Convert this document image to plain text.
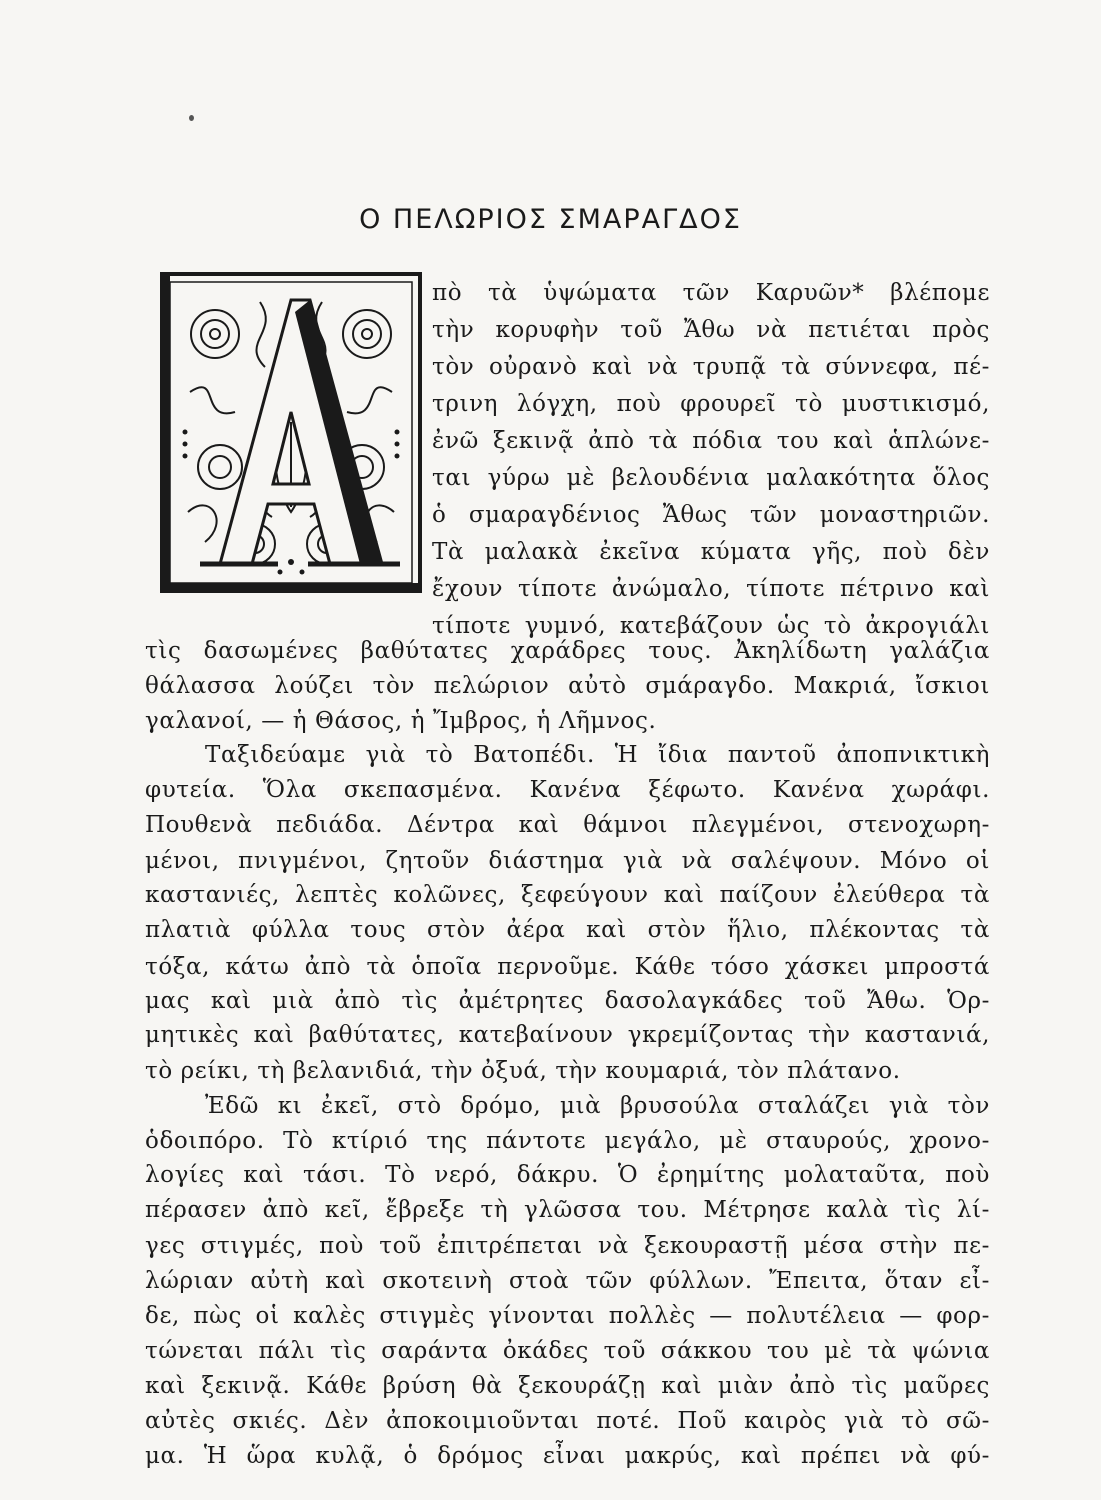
Ο ΠΕΛΩΡΙΟΣ ΣΜΑΡΑΓΔΟΣ
πὸ τὰ ὑψώματα τῶν Καρυῶν* βλέπομε
τὴν κορυφὴν τοῦ Ἄθω νὰ πετιέται πρὸς
τὸν οὐρανὸ καὶ νὰ τρυπᾷ τὰ σύννεφα, πέ-
τρινη λόγχη, ποὺ φρουρεῖ τὸ μυστικισμό,
ἐνῶ ξεκινᾷ ἀπὸ τὰ πόδια του καὶ ἁπλώνε-
ται γύρω μὲ βελουδένια μαλακότητα ὅλος
ὁ σμαραγδένιος Ἄθως τῶν μοναστηριῶν.
Τὰ μαλακὰ ἐκεῖνα κύματα γῆς, ποὺ δὲν
ἔχουν τίποτε ἀνώμαλο, τίποτε πέτρινο καὶ
τίποτε γυμνό, κατεβάζουν ὡς τὸ ἀκρογιάλι
τὶς δασωμένες βαθύτατες χαράδρες τους. Ἀκηλίδωτη γαλάζια
θάλασσα λούζει τὸν πελώριον αὐτὸ σμάραγδο. Μακριά, ἴσκιοι
γαλανοί, — ἡ Θάσος, ἡ Ἴμβρος, ἡ Λῆμνος.
Ταξιδεύαμε γιὰ τὸ Βατοπέδι. Ἡ ἴδια παντοῦ ἀποπνικτικὴ
φυτεία. Ὅλα σκεπασμένα. Κανένα ξέφωτο. Κανένα χωράφι.
Πουθενὰ πεδιάδα. Δέντρα καὶ θάμνοι πλεγμένοι, στενοχωρη-
μένοι, πνιγμένοι, ζητοῦν διάστημα γιὰ νὰ σαλέψουν. Μόνο οἱ
καστανιές, λεπτὲς κολῶνες, ξεφεύγουν καὶ παίζουν ἐλεύθερα τὰ
πλατιὰ φύλλα τους στὸν ἀέρα καὶ στὸν ἥλιο, πλέκοντας τὰ
τόξα, κάτω ἀπὸ τὰ ὁποῖα περνοῦμε. Κάθε τόσο χάσκει μπροστά
μας καὶ μιὰ ἀπὸ τὶς ἀμέτρητες δασολαγκάδες τοῦ Ἄθω. Ὁρ-
μητικὲς καὶ βαθύτατες, κατεβαίνουν γκρεμίζοντας τὴν καστανιά,
τὸ ρείκι, τὴ βελανιδιά, τὴν ὀξυά, τὴν κουμαριά, τὸν πλάτανο.
Ἐδῶ κι ἐκεῖ, στὸ δρόμο, μιὰ βρυσούλα σταλάζει γιὰ τὸν
ὁδοιπόρο. Τὸ κτίριό της πάντοτε μεγάλο, μὲ σταυρούς, χρονο-
λογίες καὶ τάσι. Τὸ νερό, δάκρυ. Ὁ ἐρημίτης μολαταῦτα, ποὺ
πέρασεν ἀπὸ κεῖ, ἔβρεξε τὴ γλῶσσα του. Μέτρησε καλὰ τὶς λί-
γες στιγμές, ποὺ τοῦ ἐπιτρέπεται νὰ ξεκουραστῇ μέσα στὴν πε-
λώριαν αὐτὴ καὶ σκοτεινὴ στοὰ τῶν φύλλων. Ἔπειτα, ὅταν εἶ-
δε, πὼς οἱ καλὲς στιγμὲς γίνονται πολλὲς — πολυτέλεια — φορ-
τώνεται πάλι τὶς σαράντα ὀκάδες τοῦ σάκκου του μὲ τὰ ψώνια
καὶ ξεκινᾷ. Κάθε βρύση θὰ ξεκουράζῃ καὶ μιὰν ἀπὸ τὶς μαῦρες
αὐτὲς σκιές. Δὲν ἀποκοιμιοῦνται ποτέ. Ποῦ καιρὸς γιὰ τὸ σῶ-
μα. Ἡ ὥρα κυλᾷ, ὁ δρόμος εἶναι μακρύς, καὶ πρέπει νὰ φύ-
